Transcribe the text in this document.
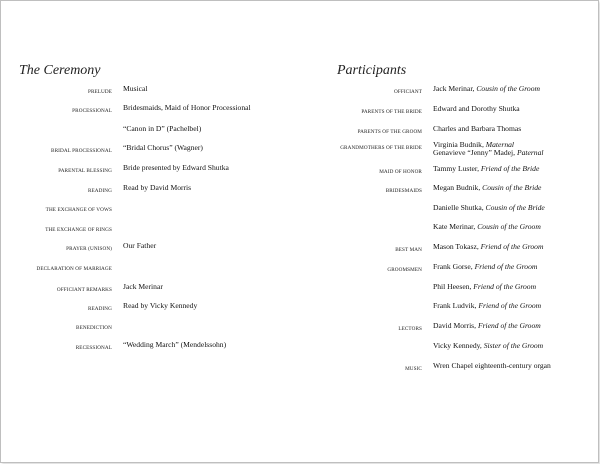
The Ceremony
PRELUDE Musical
PROCESSIONAL Bridesmaids, Maid of Honor Processional
“Canon in D” (Pachelbel)
BRIDAL PROCESSIONAL “Bridal Chorus” (Wagner)
PARENTAL BLESSING Bride presented by Edward Shutka
READING Read by David Morris
THE EXCHANGE OF VOWS
THE EXCHANGE OF RINGS
PRAYER (UNISON) Our Father
DECLARATION OF MARRIAGE
OFFICIANT REMARKS Jack Merinar
READING Read by Vicky Kennedy
BENEDICTION
RECESSIONAL “Wedding March” (Mendelssohn)
Participants
OFFICIANT Jack Merinar, Cousin of the Groom
PARENTS OF THE BRIDE Edward and Dorothy Shutka
PARENTS OF THE GROOM Charles and Barbara Thomas
GRANDMOTHERS OF THE BRIDE Virginia Budnik, Maternal
Genavieve “Jenny” Madej, Paternal
MAID OF HONOR Tammy Luster, Friend of the Bride
BRIDESMAIDS Megan Budnik, Cousin of the Bride
Danielle Shutka, Cousin of the Bride
Kate Merinar, Cousin of the Groom
BEST MAN Mason Tokasz, Friend of the Groom
GROOMSMEN Frank Gorse, Friend of the Groom
Phil Heesen, Friend of the Groom
Frank Ludvik, Friend of the Groom
LECTORS David Morris, Friend of the Groom
Vicky Kennedy, Sister of the Groom
MUSIC Wren Chapel eighteenth-century organ
